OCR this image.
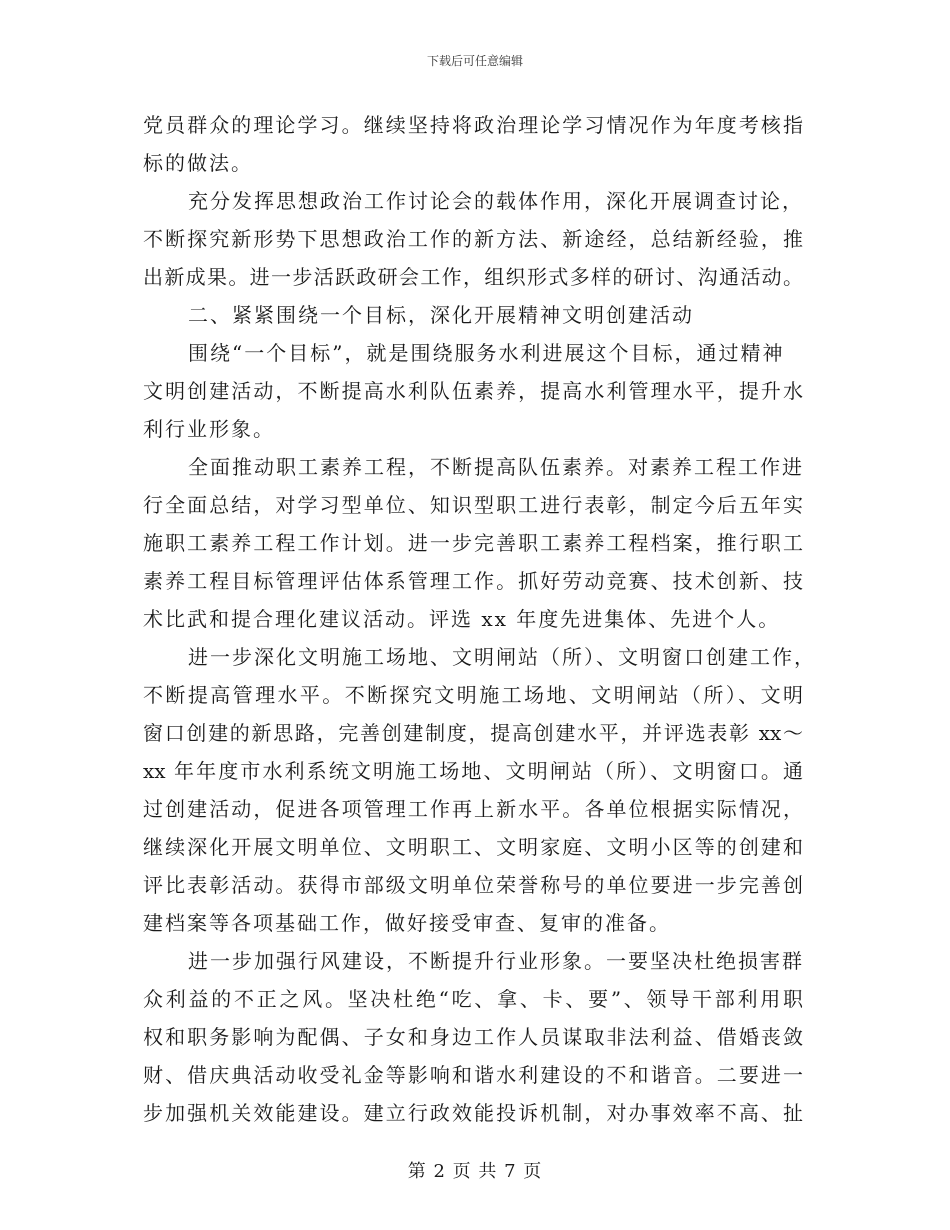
下载后可任意编辑

党员群众的理论学习。继续坚持将政治理论学习情况作为年度考核指
标的做法。

充分发挥思想政治工作讨论会的载体作用，深化开展调查讨论，
不断探究新形势下思想政治工作的新方法、新途经，总结新经验，推
出新成果。进一步活跃政研会工作，组织形式多样的研讨、沟通活动。

二、紧紧围绕一个目标，深化开展精神文明创建活动

围绕“一个目标”，就是围绕服务水利进展这个目标，通过精神
文明创建活动，不断提高水利队伍素养，提高水利管理水平，提升水
利行业形象。

全面推动职工素养工程，不断提高队伍素养。对素养工程工作进
行全面总结，对学习型单位、知识型职工进行表彰，制定今后五年实
施职工素养工程工作计划。进一步完善职工素养工程档案，推行职工
素养工程目标管理评估体系管理工作。抓好劳动竞赛、技术创新、技
术比武和提合理化建议活动。评选 xx 年度先进集体、先进个人。

进一步深化文明施工场地、文明闸站（所）、文明窗口创建工作，
不断提高管理水平。不断探究文明施工场地、文明闸站（所）、文明
窗口创建的新思路，完善创建制度，提高创建水平，并评选表彰 xx～
xx 年年度市水利系统文明施工场地、文明闸站（所）、文明窗口。通
过创建活动，促进各项管理工作再上新水平。各单位根据实际情况，
继续深化开展文明单位、文明职工、文明家庭、文明小区等的创建和
评比表彰活动。获得市部级文明单位荣誉称号的单位要进一步完善创
建档案等各项基础工作，做好接受审查、复审的准备。

进一步加强行风建设，不断提升行业形象。一要坚决杜绝损害群
众利益的不正之风。坚决杜绝“吃、拿、卡、要”、领导干部利用职
权和职务影响为配偶、子女和身边工作人员谋取非法利益、借婚丧敛
财、借庆典活动收受礼金等影响和谐水利建设的不和谐音。二要进一
步加强机关效能建设。建立行政效能投诉机制，对办事效率不高、扯

第 2 页 共 7 页
